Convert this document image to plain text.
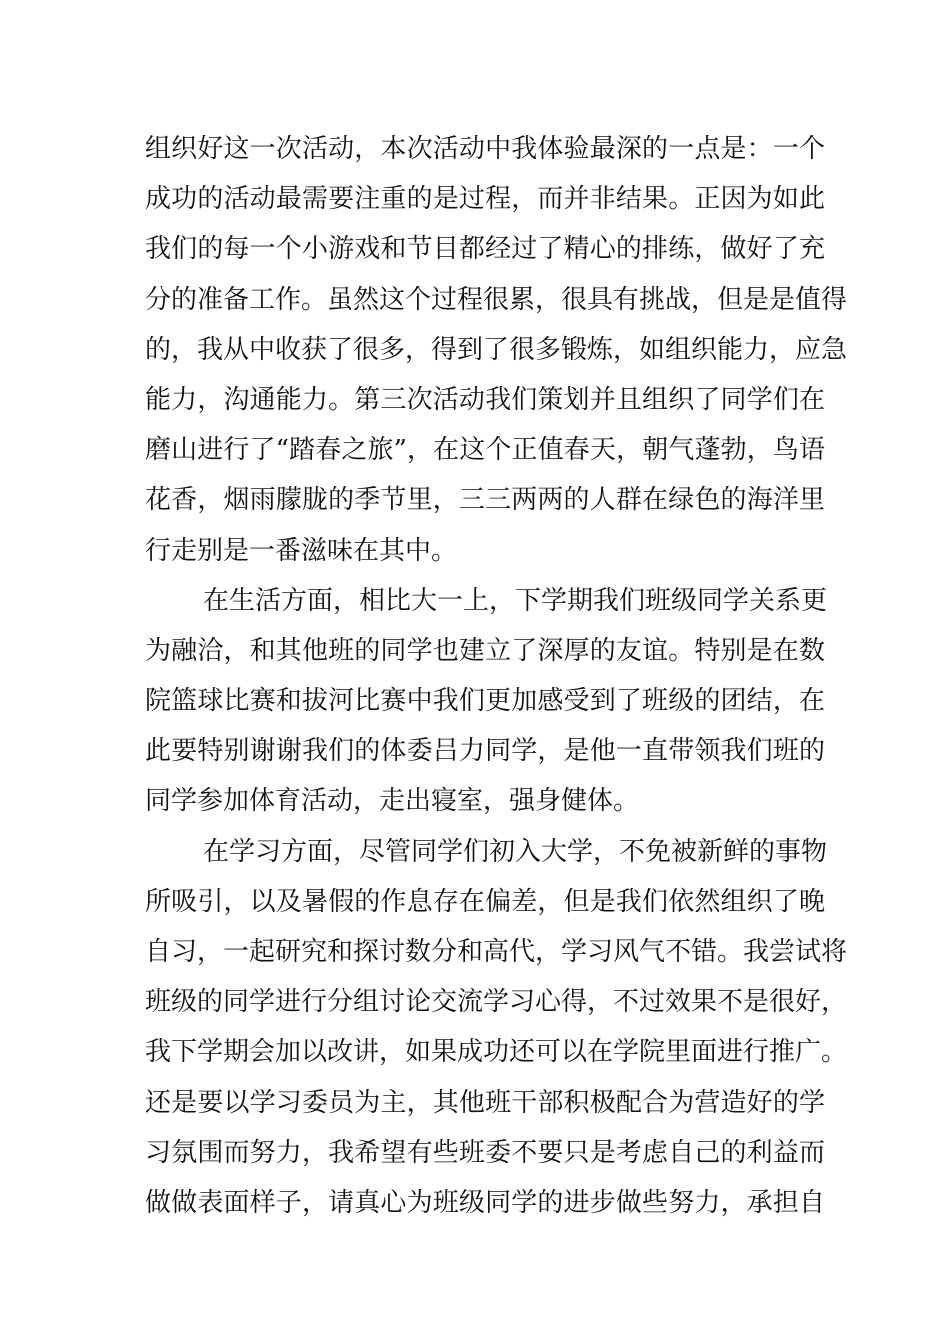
组织好这一次活动，本次活动中我体验最深的一点是：一个
成功的活动最需要注重的是过程，而并非结果。正因为如此
我们的每一个小游戏和节目都经过了精心的排练，做好了充
分的准备工作。虽然这个过程很累，很具有挑战，但是是值得
的，我从中收获了很多，得到了很多锻炼，如组织能力，应急
能力，沟通能力。第三次活动我们策划并且组织了同学们在
磨山进行了“踏春之旅”，在这个正值春天，朝气蓬勃，鸟语
花香，烟雨朦胧的季节里，三三两两的人群在绿色的海洋里
行走别是一番滋味在其中。
在生活方面，相比大一上，下学期我们班级同学关系更
为融洽，和其他班的同学也建立了深厚的友谊。特别是在数
院篮球比赛和拔河比赛中我们更加感受到了班级的团结，在
此要特别谢谢我们的体委吕力同学，是他一直带领我们班的
同学参加体育活动，走出寝室，强身健体。
在学习方面，尽管同学们初入大学，不免被新鲜的事物
所吸引，以及暑假的作息存在偏差，但是我们依然组织了晚
自习，一起研究和探讨数分和高代，学习风气不错。我尝试将
班级的同学进行分组讨论交流学习心得，不过效果不是很好，
我下学期会加以改讲，如果成功还可以在学院里面进行推广。
还是要以学习委员为主，其他班干部积极配合为营造好的学
习氛围而努力，我希望有些班委不要只是考虑自己的利益而
做做表面样子，请真心为班级同学的进步做些努力，承担自
